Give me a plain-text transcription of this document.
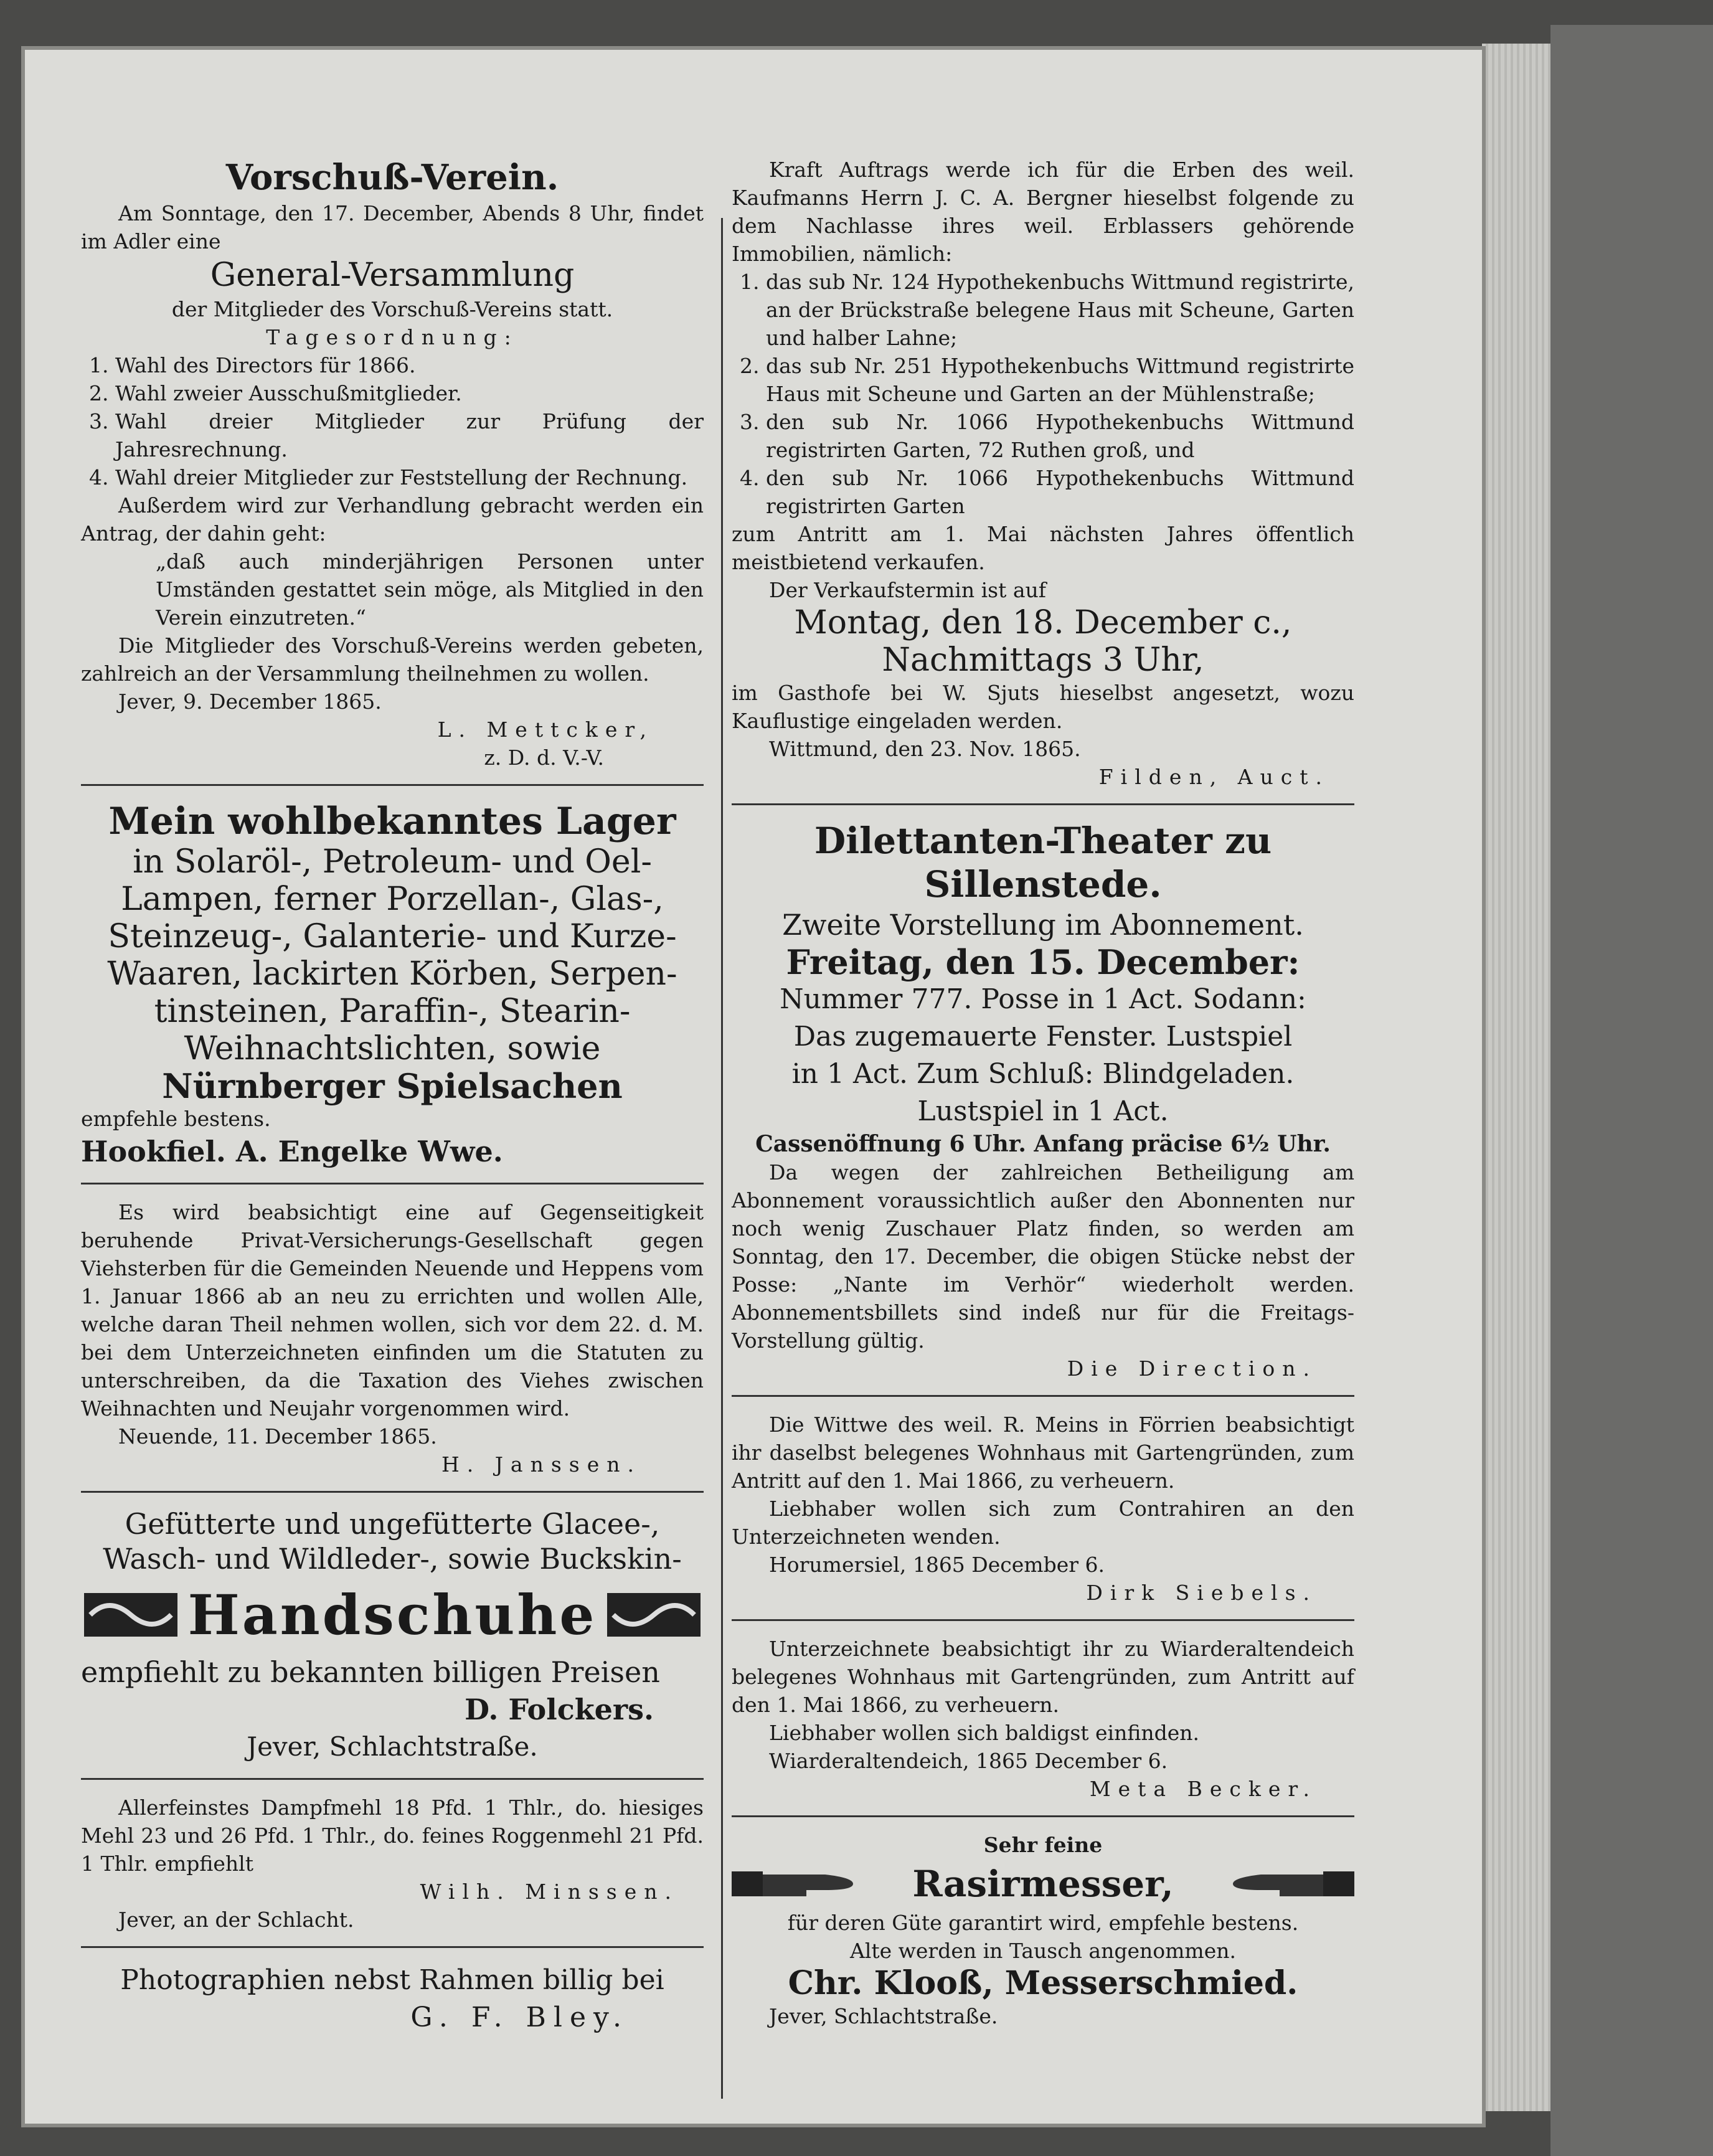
Vorschuß-Verein.

Am Sonntage, den 17. December, Abends 8 Uhr, findet im Adler eine

General-Versammlung

der Mitglieder des Vorschuß-Vereins statt.

Tagesordnung:

1. Wahl des Directors für 1866.
2. Wahl zweier Ausschußmitglieder.
3. Wahl dreier Mitglieder zur Prüfung der Jahresrechnung.
4. Wahl dreier Mitglieder zur Feststellung der Rechnung.

Außerdem wird zur Verhandlung gebracht werden ein Antrag, der dahin geht:

„daß auch minderjährigen Personen unter Umständen gestattet sein möge, als Mitglied in den Verein einzutreten.“

Die Mitglieder des Vorschuß-Vereins werden gebeten, zahlreich an der Versammlung theilnehmen zu wollen.

Jever, 9. December 1865.

L. Mettcker,

z. D. d. V.-V.

Mein wohlbekanntes Lager

in Solaröl-, Petroleum- und Oel-

Lampen, ferner Porzellan-, Glas-,

Steinzeug-, Galanterie- und Kurze-

Waaren, lackirten Körben, Serpen-

tinsteinen, Paraffin-, Stearin-

Weihnachtslichten, sowie

Nürnberger Spielsachen

empfehle bestens.

Hookfiel. A. Engelke Wwe.

Es wird beabsichtigt eine auf Gegenseitigkeit beruhende Privat-Versicherungs-Gesellschaft gegen Viehsterben für die Gemeinden Neuende und Heppens vom 1. Januar 1866 ab an neu zu errichten und wollen Alle, welche daran Theil nehmen wollen, sich vor dem 22. d. M. bei dem Unterzeichneten einfinden um die Statuten zu unterschreiben, da die Taxation des Viehes zwischen Weihnachten und Neujahr vorgenommen wird.

Neuende, 11. December 1865.

H. Janssen.

Gefütterte und ungefütterte Glacee-, Wasch- und Wildleder-, sowie Buckskin-

Handschuhe

empfiehlt zu bekannten billigen Preisen

D. Folckers.

Jever, Schlachtstraße.

Allerfeinstes Dampfmehl 18 Pfd. 1 Thlr., do. hiesiges Mehl 23 und 26 Pfd. 1 Thlr., do. feines Roggenmehl 21 Pfd. 1 Thlr. empfiehlt

Wilh. Minssen.

Jever, an der Schlacht.

Photographien nebst Rahmen billig bei

G. F. Bley.

Kraft Auftrags werde ich für die Erben des weil. Kaufmanns Herrn J. C. A. Bergner hieselbst folgende zu dem Nachlasse ihres weil. Erblassers gehörende Immobilien, nämlich:

1. das sub Nr. 124 Hypothekenbuchs Wittmund registrirte, an der Brückstraße belegene Haus mit Scheune, Garten und halber Lahne;
2. das sub Nr. 251 Hypothekenbuchs Wittmund registrirte Haus mit Scheune und Garten an der Mühlenstraße;
3. den sub Nr. 1066 Hypothekenbuchs Wittmund registrirten Garten, 72 Ruthen groß, und
4. den sub Nr. 1066 Hypothekenbuchs Wittmund registrirten Garten

zum Antritt am 1. Mai nächsten Jahres öffentlich meistbietend verkaufen.

Der Verkaufstermin ist auf

Montag, den 18. December c.,

Nachmittags 3 Uhr,

im Gasthofe bei W. Sjuts hieselbst angesetzt, wozu Kauflustige eingeladen werden.

Wittmund, den 23. Nov. 1865.

Filden, Auct.

Dilettanten-Theater zu

Sillenstede.

Zweite Vorstellung im Abonnement.

Freitag, den 15. December:

Nummer 777. Posse in 1 Act. Sodann:

Das zugemauerte Fenster. Lustspiel

in 1 Act. Zum Schluß: Blindgeladen.

Lustspiel in 1 Act.

Cassenöffnung 6 Uhr. Anfang präcise 6½ Uhr.

Da wegen der zahlreichen Betheiligung am Abonnement voraussichtlich außer den Abonnenten nur noch wenig Zuschauer Platz finden, so werden am Sonntag, den 17. December, die obigen Stücke nebst der Posse: „Nante im Verhör“ wiederholt werden. Abonnementsbillets sind indeß nur für die Freitags-Vorstellung gültig.

Die Direction.

Die Wittwe des weil. R. Meins in Förrien beabsichtigt ihr daselbst belegenes Wohnhaus mit Gartengründen, zum Antritt auf den 1. Mai 1866, zu verheuern.

Liebhaber wollen sich zum Contrahiren an den Unterzeichneten wenden.

Horumersiel, 1865 December 6.

Dirk Siebels.

Unterzeichnete beabsichtigt ihr zu Wiarderaltendeich belegenes Wohnhaus mit Gartengründen, zum Antritt auf den 1. Mai 1866, zu verheuern.

Liebhaber wollen sich baldigst einfinden.

Wiarderaltendeich, 1865 December 6.

Meta Becker.

Sehr feine

Rasirmesser,

für deren Güte garantirt wird, empfehle bestens.

Alte werden in Tausch angenommen.

Chr. Klooß, Messerschmied.

Jever, Schlachtstraße.
